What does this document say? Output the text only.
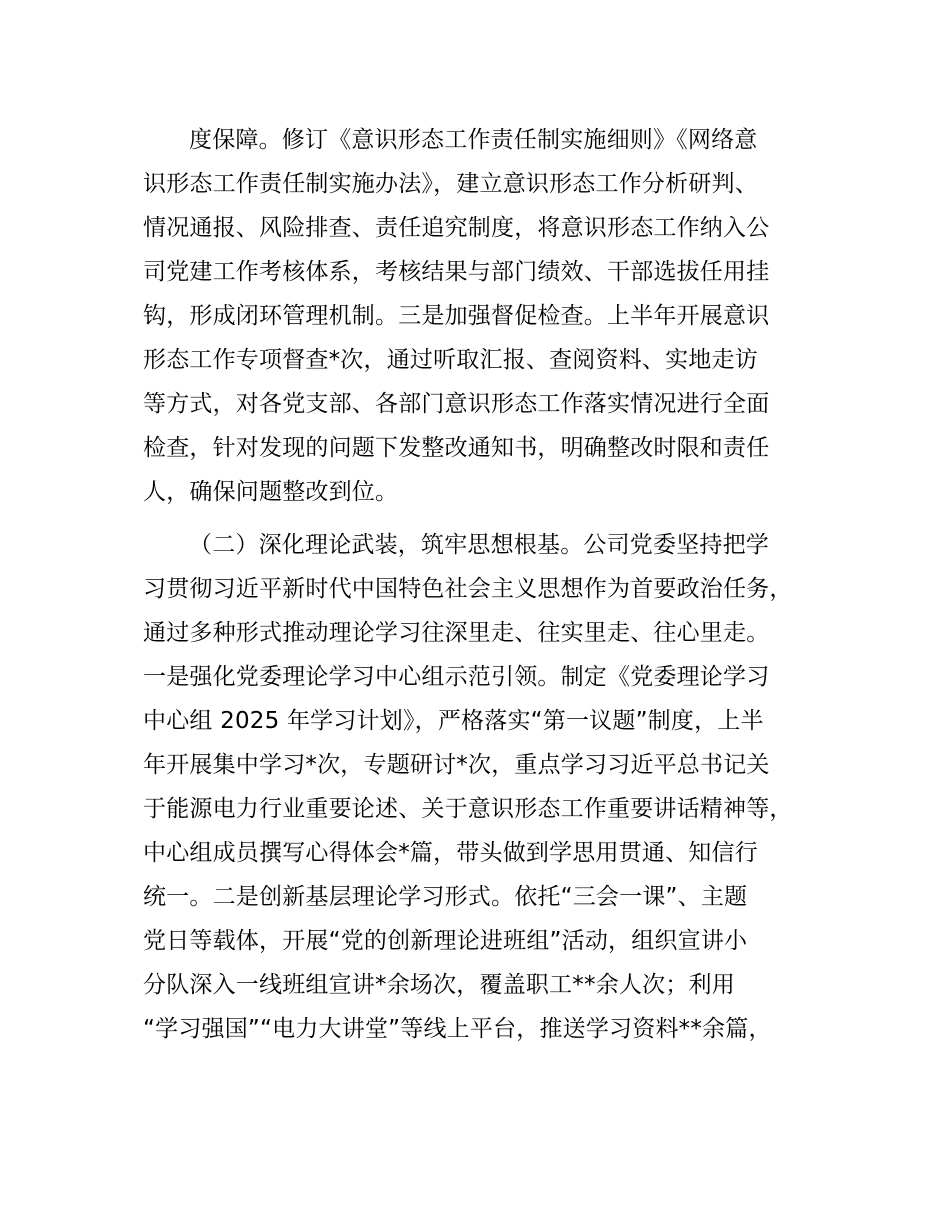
度保障。修订《意识形态工作责任制实施细则》《网络意
识形态工作责任制实施办法》，建立意识形态工作分析研判、
情况通报、风险排查、责任追究制度，将意识形态工作纳入公
司党建工作考核体系，考核结果与部门绩效、干部选拔任用挂
钩，形成闭环管理机制。三是加强督促检查。上半年开展意识
形态工作专项督查*次，通过听取汇报、查阅资料、实地走访
等方式，对各党支部、各部门意识形态工作落实情况进行全面
检查，针对发现的问题下发整改通知书，明确整改时限和责任
人，确保问题整改到位。
（二）深化理论武装，筑牢思想根基。公司党委坚持把学
习贯彻习近平新时代中国特色社会主义思想作为首要政治任务，
通过多种形式推动理论学习往深里走、往实里走、往心里走。
一是强化党委理论学习中心组示范引领。制定《党委理论学习
中心组 2025 年学习计划》，严格落实“第一议题”制度，上半
年开展集中学习*次，专题研讨*次，重点学习习近平总书记关
于能源电力行业重要论述、关于意识形态工作重要讲话精神等，
中心组成员撰写心得体会*篇，带头做到学思用贯通、知信行
统一。二是创新基层理论学习形式。依托“三会一课”、主题
党日等载体，开展“党的创新理论进班组”活动，组织宣讲小
分队深入一线班组宣讲*余场次，覆盖职工**余人次；利用
“学习强国”“电力大讲堂”等线上平台，推送学习资料**余篇，
